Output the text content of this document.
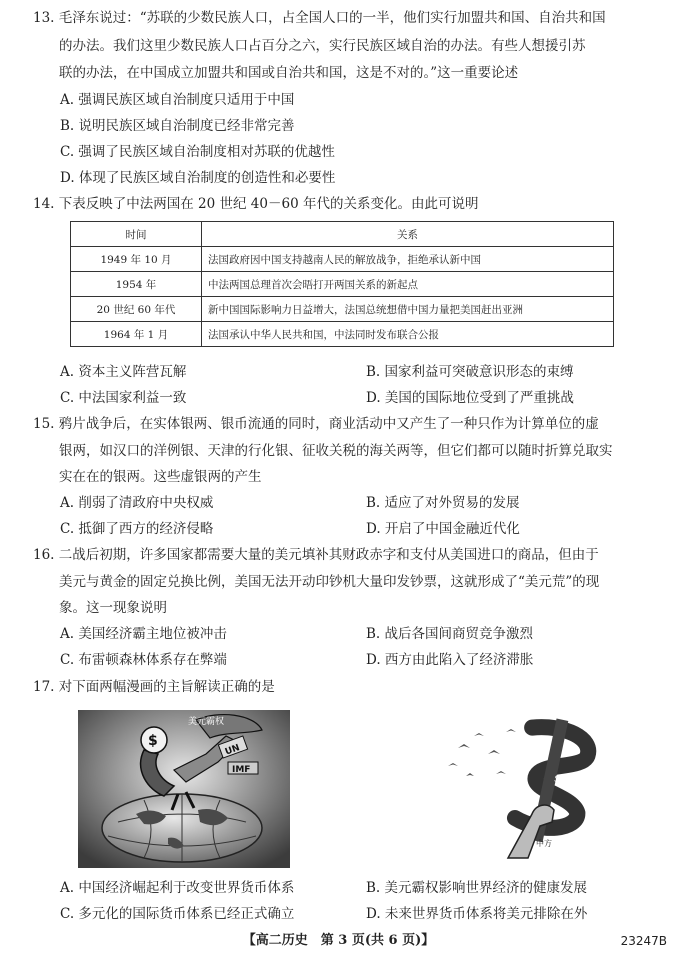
13. 毛泽东说过：“苏联的少数民族人口，占全国人口的一半，他们实行加盟共和国、自治共和国
的办法。我们这里少数民族人口占百分之六，实行民族区域自治的办法。有些人想援引苏
联的办法，在中国成立加盟共和国或自治共和国，这是不对的。”这一重要论述
A. 强调民族区域自治制度只适用于中国
B. 说明民族区域自治制度已经非常完善
C. 强调了民族区域自治制度相对苏联的优越性
D. 体现了民族区域自治制度的创造性和必要性
14. 下表反映了中法两国在 20 世纪 40－60 年代的关系变化。由此可说明
时间	关系
1949 年 10 月	法国政府因中国支持越南人民的解放战争，拒绝承认新中国
1954 年	中法两国总理首次会晤打开两国关系的新起点
20 世纪 60 年代	新中国国际影响力日益增大，法国总统想借中国力量把美国赶出亚洲
1964 年 1 月	法国承认中华人民共和国，中法同时发布联合公报
A. 资本主义阵营瓦解	B. 国家利益可突破意识形态的束缚
C. 中法国家利益一致	D. 美国的国际地位受到了严重挑战
15. 鸦片战争后，在实体银两、银币流通的同时，商业活动中又产生了一种只作为计算单位的虚
银两，如汉口的洋例银、天津的行化银、征收关税的海关两等，但它们都可以随时折算兑取实
实在在的银两。这些虚银两的产生
A. 削弱了清政府中央权威	B. 适应了对外贸易的发展
C. 抵御了西方的经济侵略	D. 开启了中国金融近代化
16. 二战后初期，许多国家都需要大量的美元填补其财政赤字和支付从美国进口的商品，但由于
美元与黄金的固定兑换比例，美国无法开动印钞机大量印发钞票，这就形成了“美元荒”的现
象。这一现象说明
A. 美国经济霸主地位被冲击	B. 战后各国间商贸竞争激烈
C. 布雷顿森林体系存在弊端	D. 西方由此陷入了经济滞胀
17. 对下面两幅漫画的主旨解读正确的是
$
美元霸权
UN
IMF
$
中方
A. 中国经济崛起利于改变世界货币体系	B. 美元霸权影响世界经济的健康发展
C. 多元化的国际货币体系已经正式确立	D. 未来世界货币体系将美元排除在外
【高二历史　第 3 页(共 6 页)】	23247B
